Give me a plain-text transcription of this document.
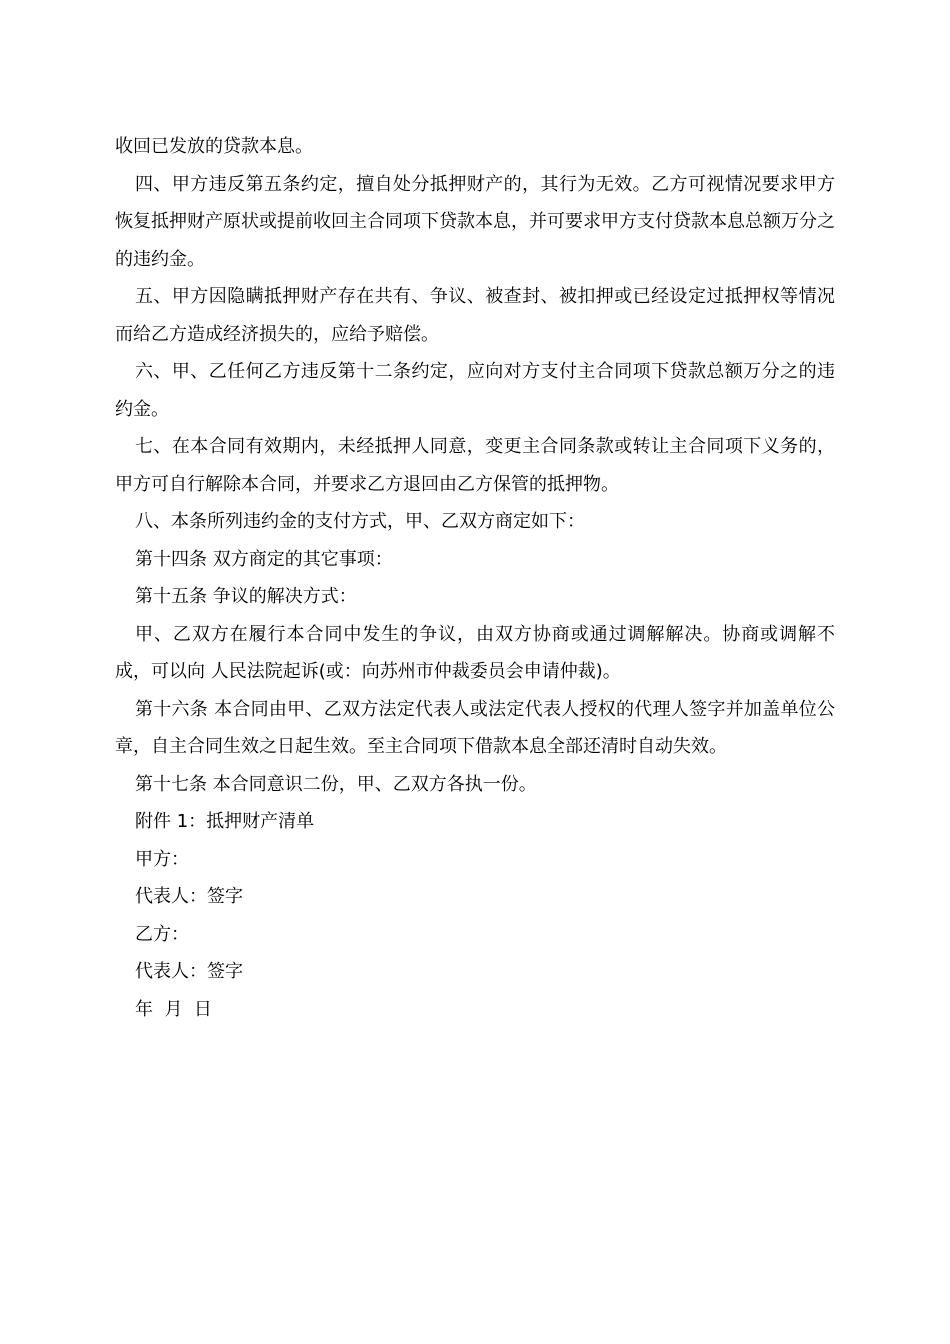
收回已发放的贷款本息。

四、甲方违反第五条约定，擅自处分抵押财产的，其行为无效。乙方可视情况要求甲方恢复抵押财产原状或提前收回主合同项下贷款本息，并可要求甲方支付贷款本息总额万分之 的违约金。

五、甲方因隐瞒抵押财产存在共有、争议、被查封、被扣押或已经设定过抵押权等情况而给乙方造成经济损失的，应给予赔偿。

六、甲、乙任何乙方违反第十二条约定，应向对方支付主合同项下贷款总额万分之的违约金。

七、在本合同有效期内，未经抵押人同意，变更主合同条款或转让主合同项下义务的，甲方可自行解除本合同，并要求乙方退回由乙方保管的抵押物。

八、本条所列违约金的支付方式，甲、乙双方商定如下：

第十四条 双方商定的其它事项：

第十五条 争议的解决方式：

甲、乙双方在履行本合同中发生的争议，由双方协商或通过调解解决。协商或调解不成，可以向 人民法院起诉(或：向苏州市仲裁委员会申请仲裁)。

第十六条 本合同由甲、乙双方法定代表人或法定代表人授权的代理人签字并加盖单位公章，自主合同生效之日起生效。至主合同项下借款本息全部还清时自动失效。

第十七条 本合同意识二份，甲、乙双方各执一份。

附件 1：抵押财产清单

甲方：

代表人：签字

乙方：

代表人：签字

年  月  日
